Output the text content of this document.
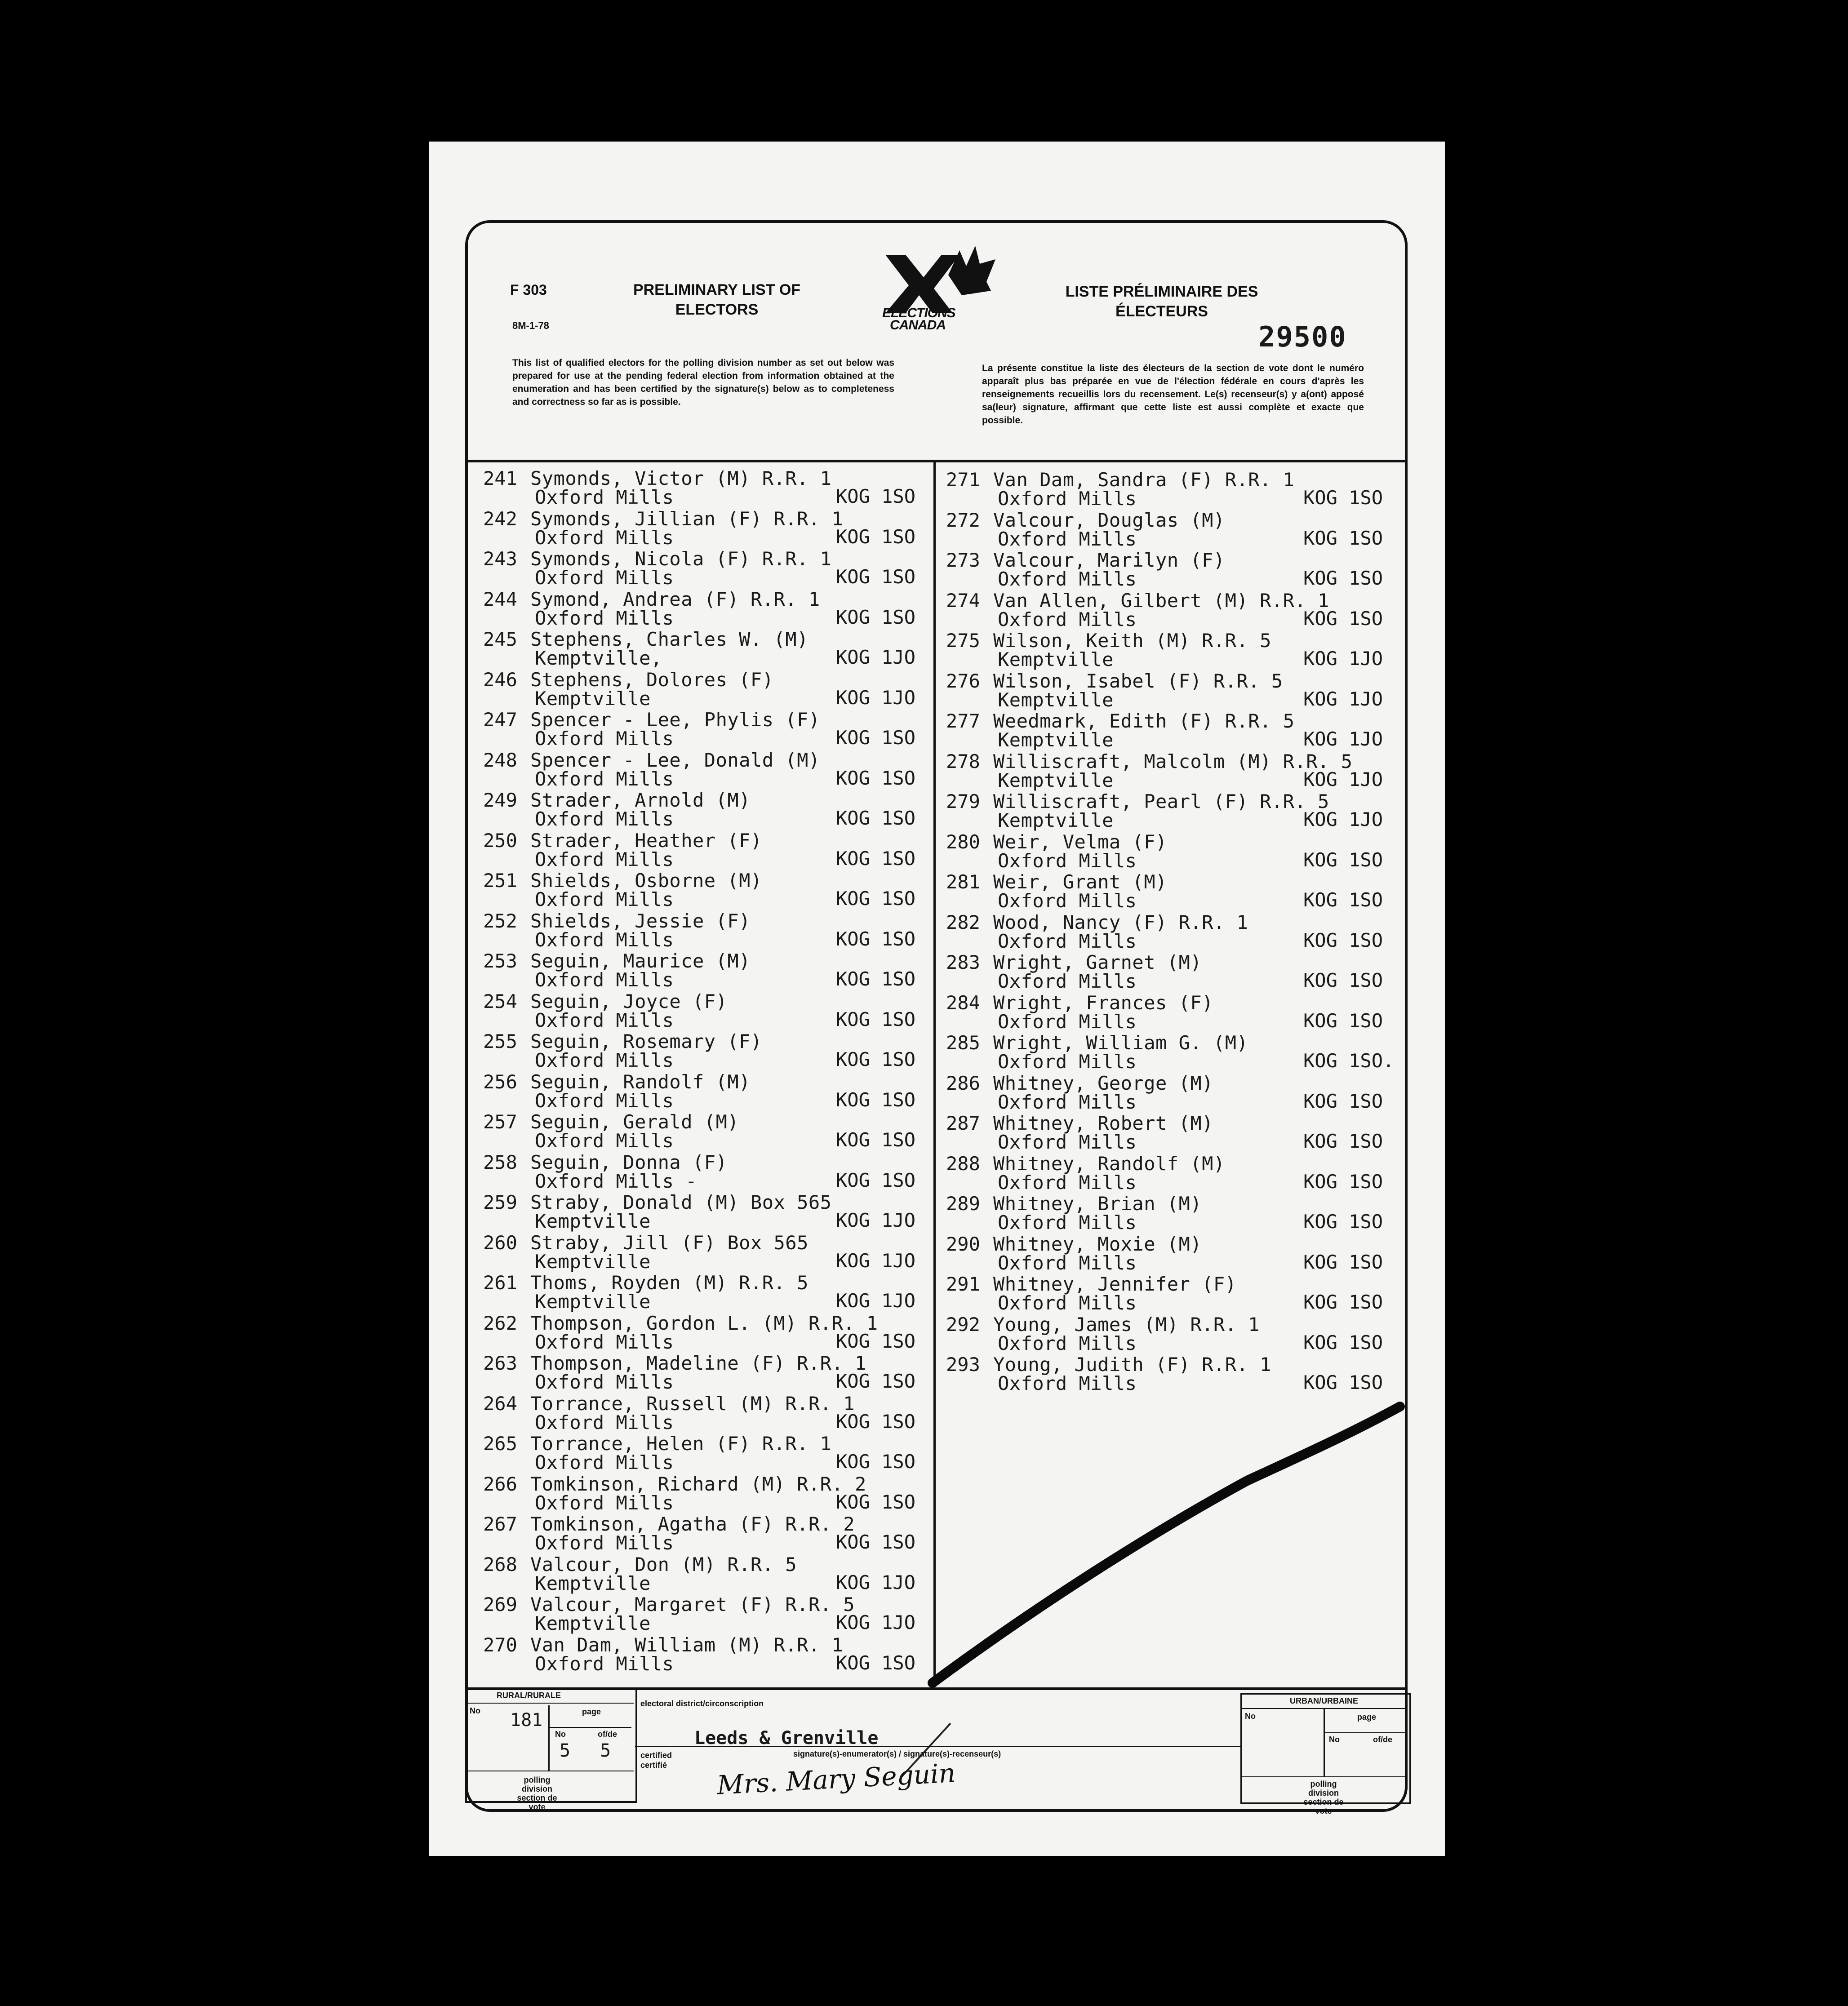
F 303
8M-1-78
PRELIMINARY LIST OF ELECTORS	ELECTIONS
CANADA
LISTE PRÉLIMINAIRE DES ÉLECTEURS
29500
This list of qualified electors for the polling division number as set out below was prepared for use at the pending federal election from information obtained at the enumeration and has been certified by the signature(s) below as to completeness and correctness so far as is possible.
La présente constitue la liste des électeurs de la section de vote dont le numéro apparaît plus bas préparée en vue de l'élection fédérale en cours d'après les renseignements recueillis lors du recensement. Le(s) recenseur(s) y a(ont) apposé sa(leur) signature, affirmant que cette liste est aussi complète et exacte que possible.
241 Symonds, Victor (M) R.R. 1
Oxford Mills	KOG 1SO
242 Symonds, Jillian (F) R.R. 1
Oxford Mills	KOG 1SO
243 Symonds, Nicola (F) R.R. 1
Oxford Mills	KOG 1SO
244 Symond, Andrea (F) R.R. 1
Oxford Mills	KOG 1SO
245 Stephens, Charles W. (M)
Kemptville,	KOG 1JO
246 Stephens, Dolores (F)
Kemptville	KOG 1JO
247 Spencer - Lee, Phylis (F)
Oxford Mills	KOG 1SO
248 Spencer - Lee, Donald (M)
Oxford Mills	KOG 1SO
249 Strader, Arnold (M)
Oxford Mills	KOG 1SO
250 Strader, Heather (F)
Oxford Mills	KOG 1SO
251 Shields, Osborne (M)
Oxford Mills	KOG 1SO
252 Shields, Jessie (F)
Oxford Mills	KOG 1SO
253 Seguin, Maurice (M)
Oxford Mills	KOG 1SO
254 Seguin, Joyce (F)
Oxford Mills	KOG 1SO
255 Seguin, Rosemary (F)
Oxford Mills	KOG 1SO
256 Seguin, Randolf (M)
Oxford Mills	KOG 1SO
257 Seguin, Gerald (M)
Oxford Mills	KOG 1SO
258 Seguin, Donna (F)
Oxford Mills -	KOG 1SO
259 Straby, Donald (M) Box 565
Kemptville	KOG 1JO
260 Straby, Jill (F) Box 565
Kemptville	KOG 1JO
261 Thoms, Royden (M) R.R. 5
Kemptville	KOG 1JO
262 Thompson, Gordon L. (M) R.R. 1
Oxford Mills	KOG 1SO
263 Thompson, Madeline (F) R.R. 1
Oxford Mills	KOG 1SO
264 Torrance, Russell (M) R.R. 1
Oxford Mills	KOG 1SO
265 Torrance, Helen (F) R.R. 1
Oxford Mills	KOG 1SO
266 Tomkinson, Richard (M) R.R. 2
Oxford Mills	KOG 1SO
267 Tomkinson, Agatha (F) R.R. 2
Oxford Mills	KOG 1SO
268 Valcour, Don (M) R.R. 5
Kemptville	KOG 1JO
269 Valcour, Margaret (F) R.R. 5
Kemptville	KOG 1JO
270 Van Dam, William (M) R.R. 1
Oxford Mills	KOG 1SO
271 Van Dam, Sandra (F) R.R. 1
Oxford Mills	KOG 1SO
272 Valcour, Douglas (M)
Oxford Mills	KOG 1SO
273 Valcour, Marilyn (F)
Oxford Mills	KOG 1SO
274 Van Allen, Gilbert (M) R.R. 1
Oxford Mills	KOG 1SO
275 Wilson, Keith (M) R.R. 5
Kemptville	KOG 1JO
276 Wilson, Isabel (F) R.R. 5
Kemptville	KOG 1JO
277 Weedmark, Edith (F) R.R. 5
Kemptville	KOG 1JO
278 Williscraft, Malcolm (M) R.R. 5
Kemptville	KOG 1JO
279 Williscraft, Pearl (F) R.R. 5
Kemptville	KOG 1JO
280 Weir, Velma (F)
Oxford Mills	KOG 1SO
281 Weir, Grant (M)
Oxford Mills	KOG 1SO
282 Wood, Nancy (F) R.R. 1
Oxford Mills	KOG 1SO
283 Wright, Garnet (M)
Oxford Mills	KOG 1SO
284 Wright, Frances (F)
Oxford Mills	KOG 1SO
285 Wright, William G. (M)
Oxford Mills	KOG 1SO.
286 Whitney, George (M)
Oxford Mills	KOG 1SO
287 Whitney, Robert (M)
Oxford Mills	KOG 1SO
288 Whitney, Randolf (M)
Oxford Mills	KOG 1SO
289 Whitney, Brian (M)
Oxford Mills	KOG 1SO
290 Whitney, Moxie (M)
Oxford Mills	KOG 1SO
291 Whitney, Jennifer (F)
Oxford Mills	KOG 1SO
292 Young, James (M) R.R. 1
Oxford Mills	KOG 1SO
293 Young, Judith (F) R.R. 1
Oxford Mills	KOG 1SO
RURAL/RURALE
No 181	page
No
5
of/de
5
polling division section de vote
electoral district/circonscription
Leeds & Grenville
certified certifié
signature(s)-enumerator(s) / signature(s)-recenseur(s)
Mrs. Mary Seguin
URBAN/URBAINE
No	page
No	of/de
polling division section de vote
